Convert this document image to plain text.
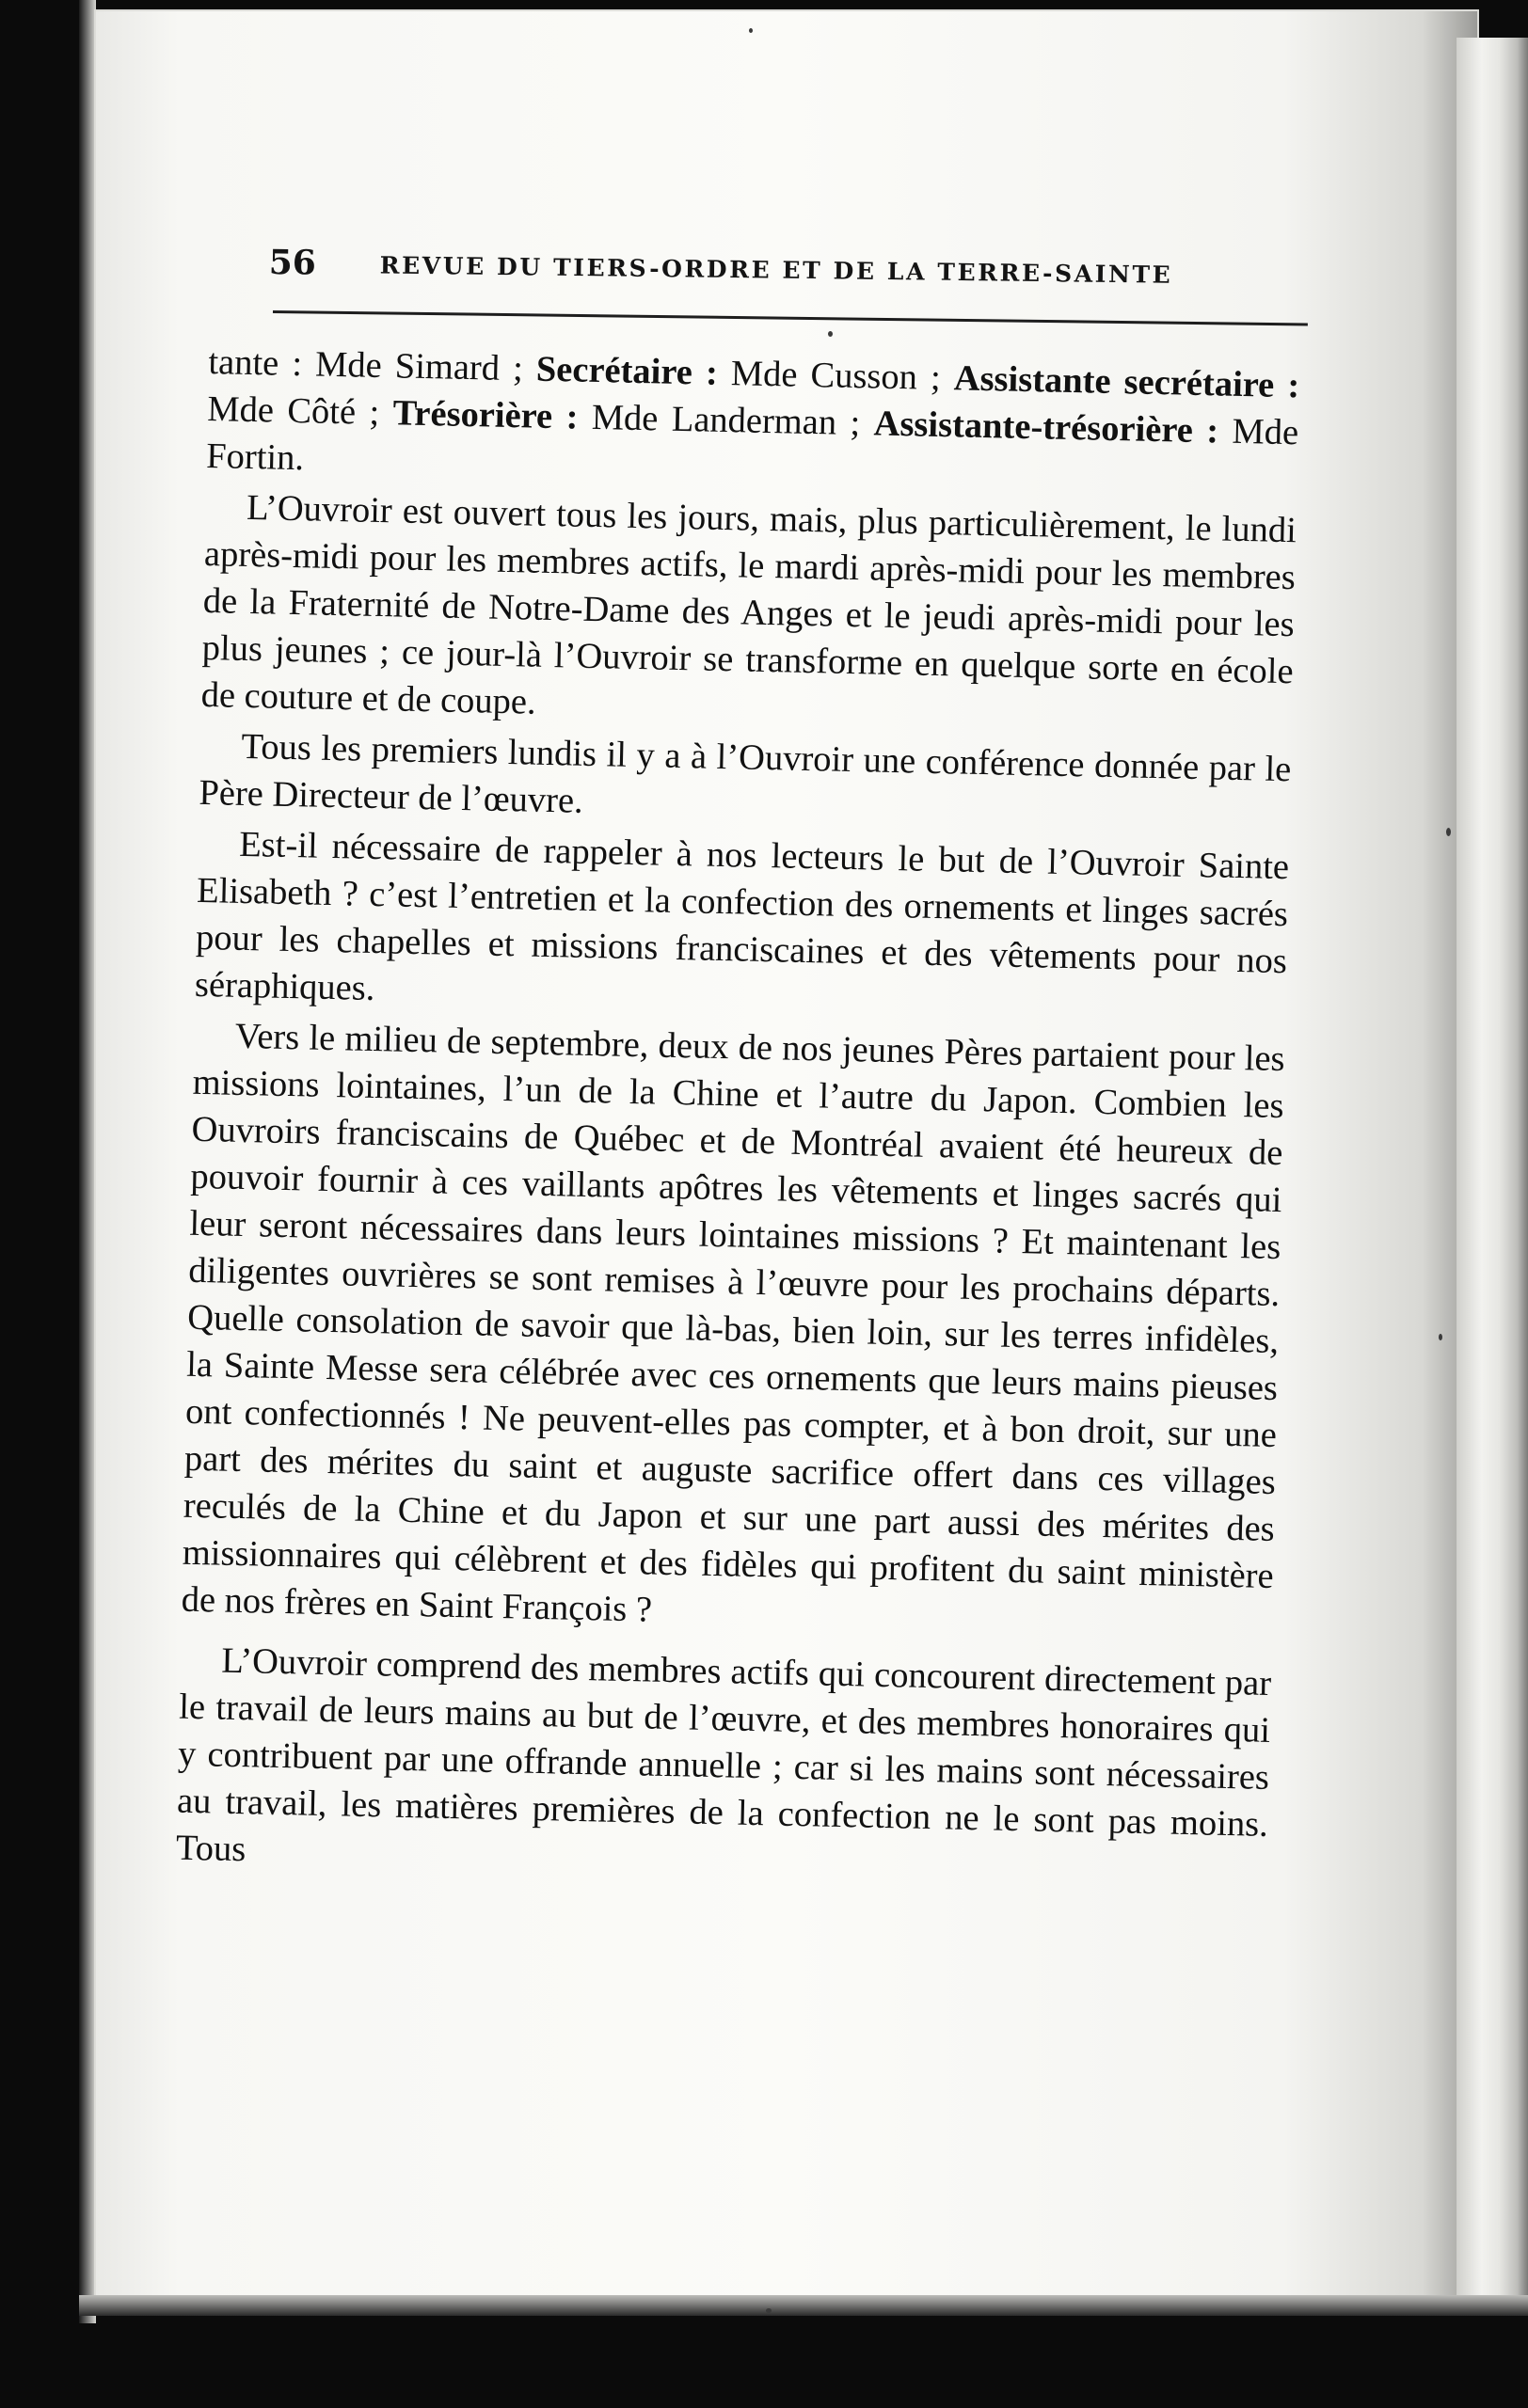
56	REVUE DU TIERS-ORDRE ET DE LA TERRE-SAINTE

tante : Mde Simard ; Secrétaire : Mde Cusson ; Assistante secrétaire : Mde Côté ; Trésorière : Mde Landerman ; Assistante-trésorière : Mde Fortin.

L’Ouvroir est ouvert tous les jours, mais, plus particulièrement, le lundi après-midi pour les membres actifs, le mardi après-midi pour les membres de la Fraternité de Notre-Dame des Anges et le jeudi après-midi pour les plus jeunes ; ce jour-là l’Ouvroir se transforme en quelque sorte en école de couture et de coupe.

Tous les premiers lundis il y a à l’Ouvroir une conférence donnée par le Père Directeur de l’œuvre.

Est-il nécessaire de rappeler à nos lecteurs le but de l’Ouvroir Sainte Elisabeth ? c’est l’entretien et la confection des ornements et linges sacrés pour les chapelles et missions franciscaines et des vêtements pour nos séraphiques.

Vers le milieu de septembre, deux de nos jeunes Pères partaient pour les missions lointaines, l’un de la Chine et l’autre du Japon. Combien les Ouvroirs franciscains de Québec et de Montréal avaient été heureux de pouvoir fournir à ces vaillants apôtres les vêtements et linges sacrés qui leur seront nécessaires dans leurs lointaines missions ? Et maintenant les diligentes ouvrières se sont remises à l’œuvre pour les prochains départs. Quelle consolation de savoir que là-bas, bien loin, sur les terres infidèles, la Sainte Messe sera célébrée avec ces ornements que leurs mains pieuses ont confectionnés ! Ne peuvent-elles pas compter, et à bon droit, sur une part des mérites du saint et auguste sacrifice offert dans ces villages reculés de la Chine et du Japon et sur une part aussi des mérites des missionnaires qui célèbrent et des fidèles qui profitent du saint ministère de nos frères en Saint François ?

L’Ouvroir comprend des membres actifs qui concourent directement par le travail de leurs mains au but de l’œuvre, et des membres honoraires qui y contribuent par une offrande annuelle ; car si les mains sont nécessaires au travail, les matières premières de la confection ne le sont pas moins. Tous
